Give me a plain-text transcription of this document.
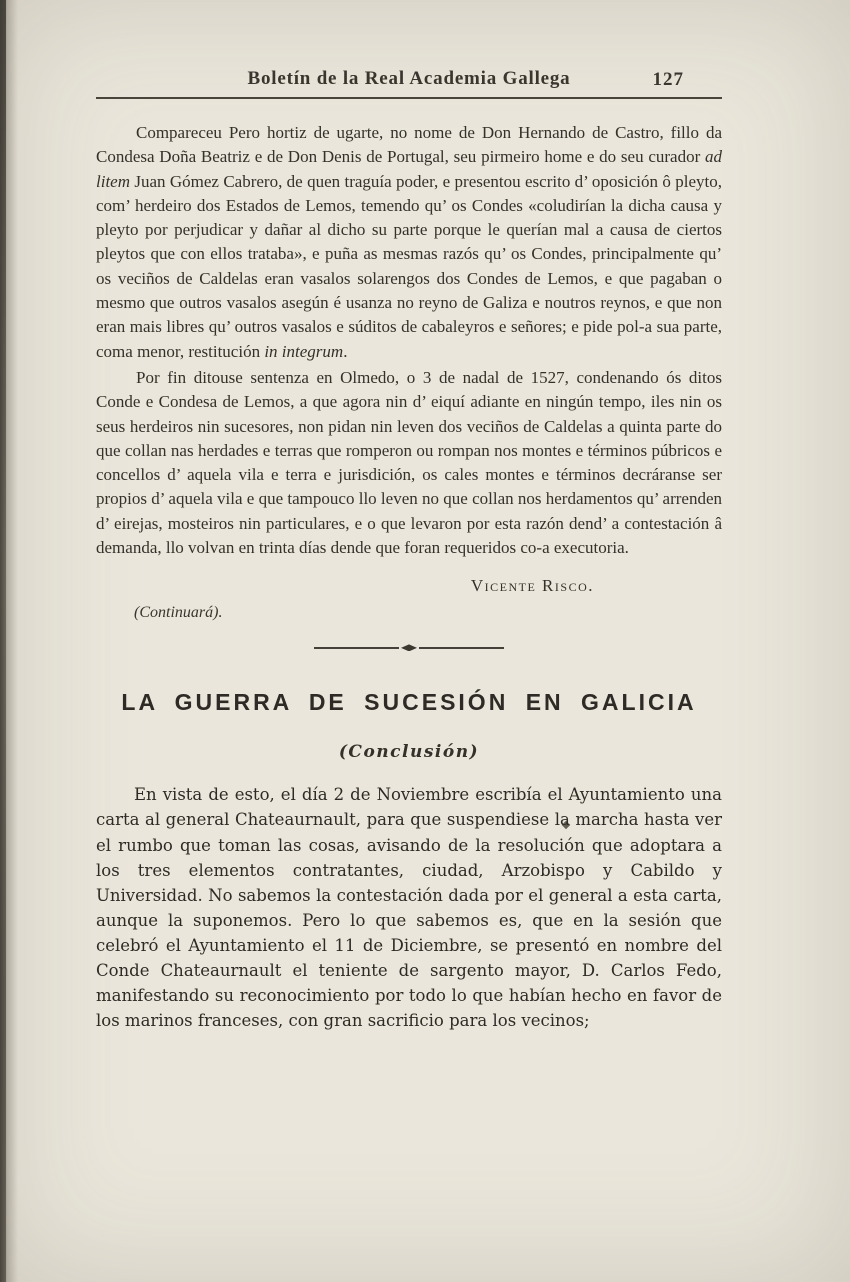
Boletín de la Real Academia Gallega	127

Compareceu Pero hortiz de ugarte, no nome de Don Hernando de Castro, fillo da Condesa Doña Beatriz e de Don Denis de Portugal, seu pirmeiro home e do seu curador ad litem Juan Gómez Cabrero, de quen traguía poder, e presentou escrito d’ oposición ô pleyto, com’ herdeiro dos Estados de Lemos, temendo qu’ os Condes «coludirían la dicha causa y pleyto por perjudicar y dañar al dicho su parte porque le querían mal a causa de ciertos pleytos que con ellos trataba», e puña as mesmas razós qu’ os Condes, principalmente qu’ os veciños de Caldelas eran vasalos solarengos dos Condes de Lemos, e que pagaban o mesmo que outros vasalos asegún é usanza no reyno de Galiza e noutros reynos, e que non eran mais libres qu’ outros vasalos e súditos de cabaleyros e señores; e pide pol-a sua parte, coma menor, restitución in integrum.

Por fin ditouse sentenza en Olmedo, o 3 de nadal de 1527, condenando ós ditos Conde e Condesa de Lemos, a que agora nin d’ eiquí adiante en ningún tempo, iles nin os seus herdeiros nin sucesores, non pidan nin leven dos veciños de Caldelas a quinta parte do que collan nas herdades e terras que romperon ou rompan nos montes e términos púbricos e concellos d’ aquela vila e terra e jurisdición, os cales montes e términos decráranse ser propios d’ aquela vila e que tampouco llo leven no que collan nos herdamentos qu’ arrenden d’ eirejas, mosteiros nin particulares, e o que levaron por esta razón dend’ a contestación â demanda, llo volvan en trinta días dende que foran requeridos co-a executoria.

Vicente Risco.
(Continuará).
LA GUERRA DE SUCESIÓN EN GALICIA
(Conclusión)

En vista de esto, el día 2 de Noviembre escribía el Ayuntamiento una carta al general Chateaurnault, para que suspendiese la marcha hasta ver el rumbo que toman las cosas, avisando de la resolución que adoptara a los tres elementos contratantes, ciudad, Arzobispo y Cabildo y Universidad. No sabemos la contestación dada por el general a esta carta, aunque la suponemos. Pero lo que sabemos es, que en la sesión que celebró el Ayuntamiento el 11 de Diciembre, se presentó en nombre del Conde Chateaurnault el teniente de sargento mayor, D. Carlos Fedo, manifestando su reconocimiento por todo lo que habían hecho en favor de los marinos franceses, con gran sacrificio para los vecinos;
